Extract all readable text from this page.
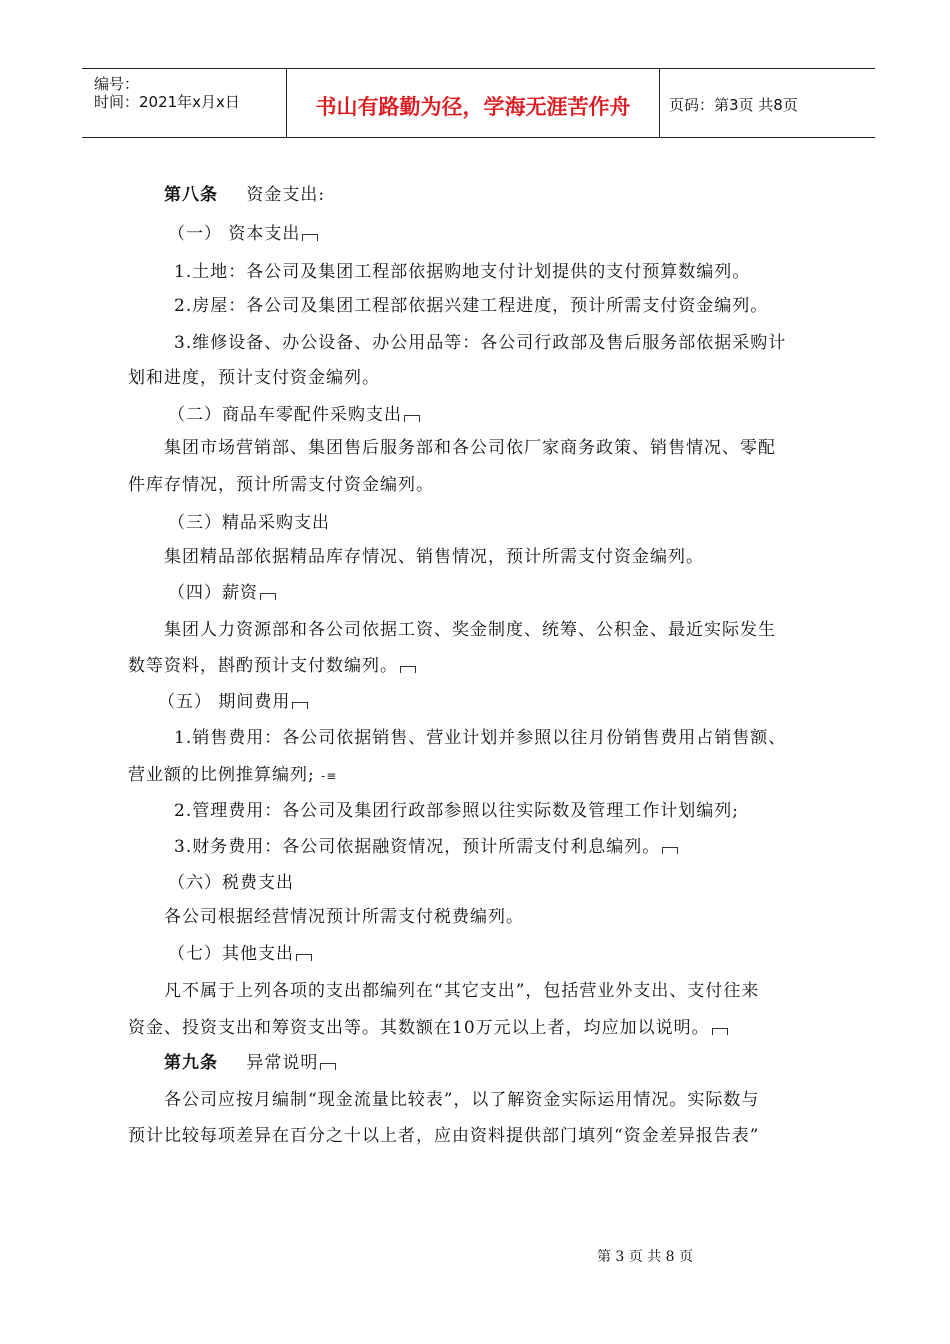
编号：
时间：2021年x月x日	书山有路勤为径，学海无涯苦作舟	页码：第3页 共8页
第八条 资金支出:
（一） 资本支出
1.土地：各公司及集团工程部依据购地支付计划提供的支付预算数编列。
2.房屋：各公司及集团工程部依据兴建工程进度，预计所需支付资金编列。
3.维修设备、办公设备、办公用品等：各公司行政部及售后服务部依据采购计
划和进度，预计支付资金编列。
（二）商品车零配件采购支出
集团市场营销部、集团售后服务部和各公司依厂家商务政策、销售情况、零配
件库存情况，预计所需支付资金编列。
（三）精品采购支出
集团精品部依据精品库存情况、销售情况，预计所需支付资金编列。
（四）薪资
集团人力资源部和各公司依据工资、奖金制度、统筹、公积金、最近实际发生
数等资料，斟酌预计支付数编列。
（五） 期间费用
1.销售费用：各公司依据销售、营业计划并参照以往月份销售费用占销售额、
营业额的比例推算编列; -≡
2.管理费用：各公司及集团行政部参照以往实际数及管理工作计划编列;
3.财务费用：各公司依据融资情况，预计所需支付利息编列。
（六）税费支出
各公司根据经营情况预计所需支付税费编列。
（七）其他支出
凡不属于上列各项的支出都编列在“其它支出”，包括营业外支出、支付往来
资金、投资支出和筹资支出等。其数额在10万元以上者，均应加以说明。
第九条 异常说明
各公司应按月编制“现金流量比较表”，以了解资金实际运用情况。实际数与
预计比较每项差异在百分之十以上者，应由资料提供部门填列“资金差异报告表”
第 3 页 共 8 页
